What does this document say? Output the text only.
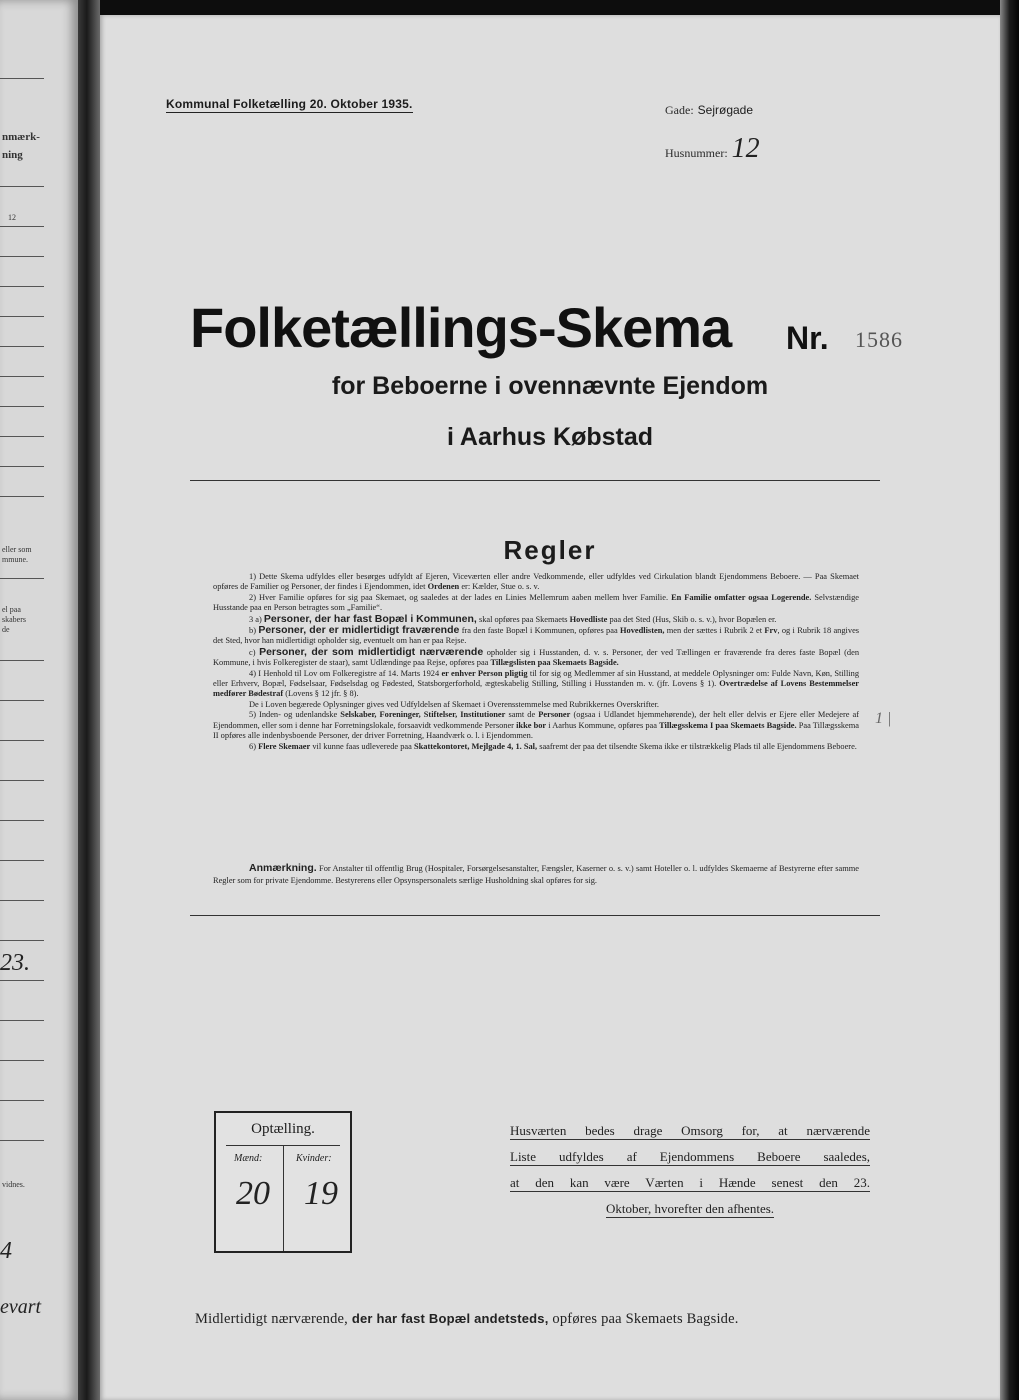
nmærk-
ning
12
eller som
mmune.
el paa
skabers
de
23.
vidnes.
4
evart
Kommunal Folketælling 20. Oktober 1935.	Gade: Sejrøgade
Husnummer: 12
Folketællings-Skema Nr. 1586
for Beboerne i ovennævnte Ejendom
i Aarhus Købstad
Regler

1) Dette Skema udfyldes eller besørges udfyldt af Ejeren, Viceværten eller andre Vedkommende, eller udfyldes ved Cirkulation blandt Ejendommens Beboere. — Paa Skemaet opføres de Familier og Personer, der findes i Ejendommen, idet Ordenen er: Kælder, Stue o. s. v.

2) Hver Familie opføres for sig paa Skemaet, og saaledes at der lades en Linies Mellemrum aaben mellem hver Familie. En Familie omfatter ogsaa Logerende. Selvstændige Husstande paa en Person betragtes som „Familie“.

3 a) Personer, der har fast Bopæl i Kommunen, skal opføres paa Skemaets Hovedliste paa det Sted (Hus, Skib o. s. v.), hvor Bopælen er.

b) Personer, der er midlertidigt fraværende fra den faste Bopæl i Kommunen, opføres paa Hovedlisten, men der sættes i Rubrik 2 et Frv, og i Rubrik 18 angives det Sted, hvor han midlertidigt opholder sig, eventuelt om han er paa Rejse.

c) Personer, der som midlertidigt nærværende opholder sig i Husstanden, d. v. s. Personer, der ved Tællingen er fraværende fra deres faste Bopæl (den Kommune, i hvis Folkeregister de staar), samt Udlændinge paa Rejse, opføres paa Tillægslisten paa Skemaets Bagside.

4) I Henhold til Lov om Folkeregistre af 14. Marts 1924 er enhver Person pligtig til for sig og Medlemmer af sin Husstand, at meddele Oplysninger om: Fulde Navn, Køn, Stilling eller Erhverv, Bopæl, Fødselsaar, Fødselsdag og Fødested, Statsborgerforhold, ægteskabelig Stilling, Stilling i Husstanden m. v. (jfr. Lovens § 1). Overtrædelse af Lovens Bestemmelser medfører Bødestraf (Lovens § 12 jfr. § 8).

De i Loven begærede Oplysninger gives ved Udfyldelsen af Skemaet i Overensstemmelse med Rubrikkernes Overskrifter.

5) Inden- og udenlandske Selskaber, Foreninger, Stiftelser, Institutioner samt de Personer (ogsaa i Udlandet hjemmehørende), der helt eller delvis er Ejere eller Medejere af Ejendommen, eller som i denne har Forretningslokale, forsaavidt vedkommende Personer ikke bor i Aarhus Kommune, opføres paa Tillægsskema I paa Skemaets Bagside. Paa Tillægsskema II opføres alle indenbysboende Personer, der driver Forretning, Haandværk o. l. i Ejendommen.

6) Flere Skemaer vil kunne faas udleverede paa Skattekontoret, Mejlgade 4, 1. Sal, saafremt der paa det tilsendte Skema ikke er tilstrækkelig Plads til alle Ejendommens Beboere.

1 |
Anmærkning. For Anstalter til offentlig Brug (Hospitaler, Forsørgelsesanstalter, Fængsler, Kaserner o. s. v.) samt Hoteller o. l. udfyldes Skemaerne af Bestyrerne efter samme Regler som for private Ejendomme. Bestyrerens eller Opsynspersonalets særlige Husholdning skal opføres for sig.
Optælling.
Mænd:	Kvinder:
20 19
Husværten bedes drage Omsorg for, at nærværende
Liste udfyldes af Ejendommens Beboere saaledes,
at den kan være Værten i Hænde senest den 23.
Oktober, hvorefter den afhentes.
Midlertidigt nærværende, der har fast Bopæl andetsteds, opføres paa Skemaets Bagside.
